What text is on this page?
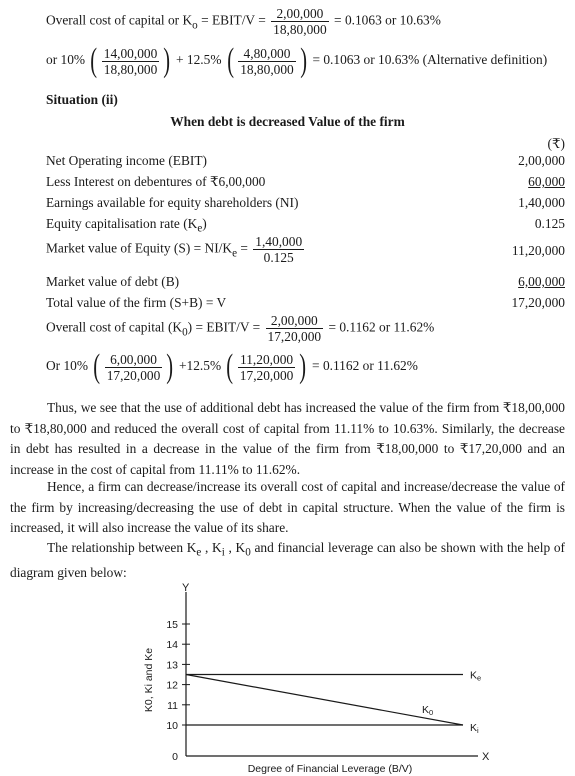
Overall cost of capital or $K_o$ = EBIT/V = $\frac{2,00,000}{18,80,000} = 0.1063$ or 10.63%
or 10% ( $\frac{14,00,000}{18,80,000}$ ) + 12.5% ( $\frac{4,80,000}{18,80,000}$ ) = 0.1063 or 10.63% (Alternative definition)
Situation (ii)
When debt is decreased Value of the firm
(₹)
Net Operating income (EBIT)	2,00,000
Less Interest on debentures of ₹6,00,000	60,000
Earnings available for equity shareholders (NI)	1,40,000
Equity capitalisation rate $(K_e)$	0.125
Market value of Equity $(S) = NI/K_e = \frac{1,40,000}{0.125}$	11,20,000
Market value of debt (B)	6,00,000
Total value of the firm (S+B) = V	17,20,000
Overall cost of capital $(K_0)$ = EBIT/V = $\frac{2,00,000}{17,20,000} = 0.1162$ or 11.62%
Or 10% ( $\frac{6,00,000}{17,20,000}$ ) +12.5% ( $\frac{11,20,000}{17,20,000}$ ) = 0.1162 or 11.62%
Thus, we see that the use of additional debt has increased the value of the firm from ₹18,00,000 to ₹18,80,000 and reduced the overall cost of capital from 11.11% to 10.63%. Similarly, the decrease in debt has resulted in a decrease in the value of the firm from ₹18,00,000 to ₹17,20,000 and an increase in the cost of capital from 11.11% to 11.62%.
Hence, a firm can decrease/increase its overall cost of capital and increase/decrease the value of the firm by increasing/decreasing the use of debt in capital structure. When the value of the firm is increased, it will also increase the value of its share.
The relationship between $K_e$ , $K_i$ , $K_0$ and financial leverage can also be shown with the help of diagram given below:
Y
X
0
10
11
12
13
14
15
Ke
K0
Ki
Degree of Financial Leverage (B/V)
K0, Ki and Ke
